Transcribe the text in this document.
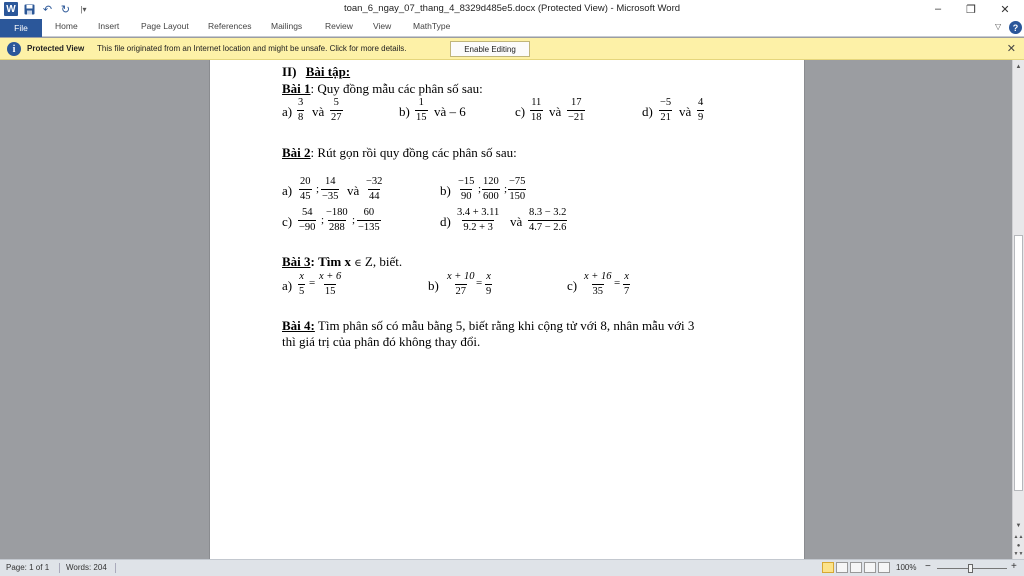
W ↶ ↻	|▾	toan_6_ngay_07_thang_4_8329d485e5.docx (Protected View) - Microsoft Word	–	❐	✕
File	Home Insert	Page Layout References Mailings	Review View	MathType	▽	?
i	Protected View This file originated from an Internet location and might be unsafe. Click for more details.	Enable Editing	✕
II) Bài tập:
Bài 1: Quy đồng mẫu các phân số sau:
$a) \frac{3}{8}$ và $\frac{5}{27}$	$b) \frac{1}{15}$ và – 6	$c) \frac{11}{18}$ và $\frac{17}{-21}$	$d) \frac{-5}{21}$ và $\frac{4}{9}$
Bài 2: Rút gọn rồi quy đồng các phân số sau:
$a) \frac{20}{45}$ ; $\frac{14}{-35}$ và $\frac{-32}{44}$	$b) \frac{-15}{90}$ ; $\frac{120}{600}$ ; $\frac{-75}{150}$
$c) \frac{54}{-90}$ ; $\frac{-180}{288}$ ; $\frac{60}{-135}$	$d) \frac{3.4 + 3.11}{9.2 + 3}$ và $\frac{8.3 - 3.2}{4.7 - 2.6}$
Bài 3: Tìm x ∈ Z, biết.
$a) \frac{x}{5} = \frac{x + 6}{15}$	$b) \frac{x + 10}{27} = \frac{x}{9}$	$c) \frac{x + 16}{35} = \frac{x}{7}$
Bài 4: Tìm phân số có mẫu bằng 5, biết rằng khi cộng tử với 8, nhân mẫu với 3
thì giá trị của phân đó không thay đổi.
▲
▼
▲▲
●
▼▼
Page: 1 of 1 Words: 204	100% −	+
